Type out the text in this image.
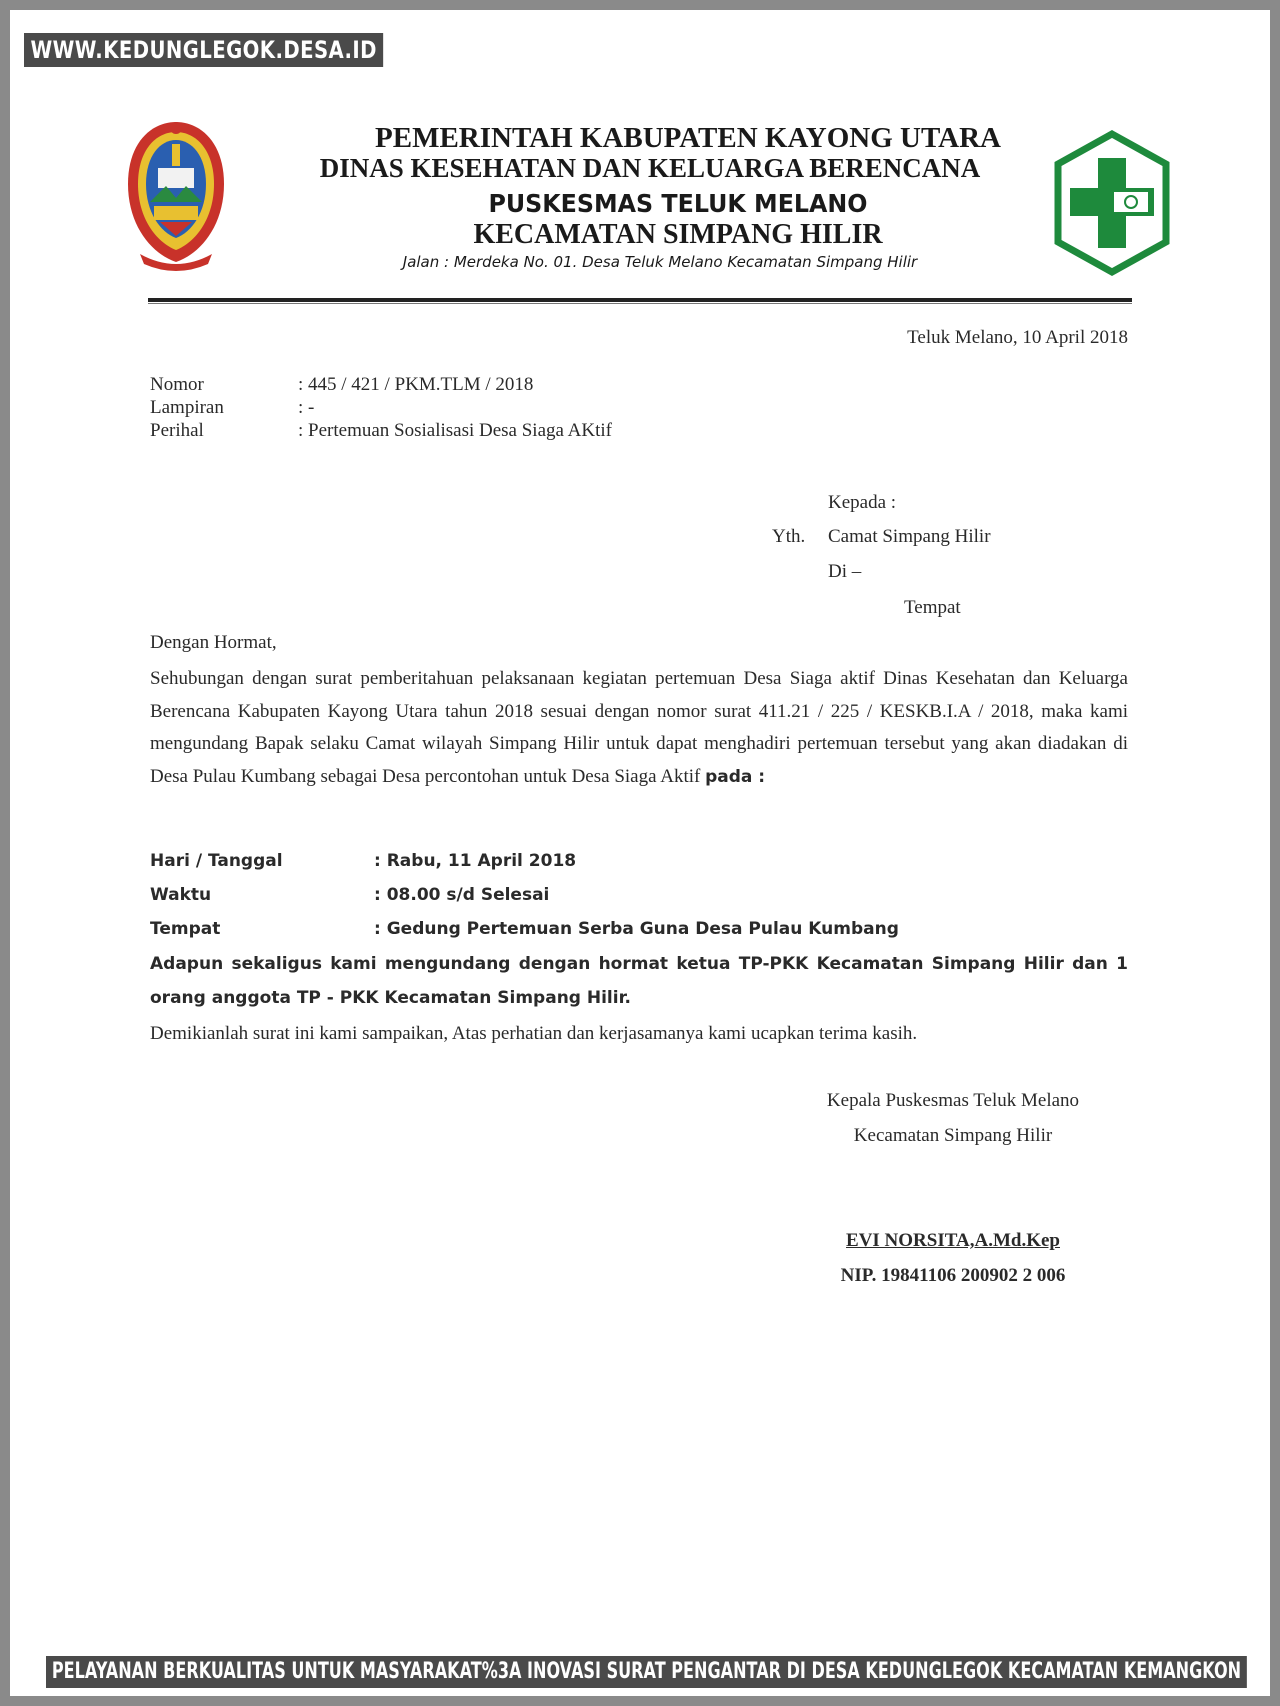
WWW.KEDUNGLEGOK.DESA.ID
PEMERINTAH KABUPATEN KAYONG UTARA
DINAS KESEHATAN DAN KELUARGA BERENCANA
PUSKESMAS TELUK MELANO
KECAMATAN SIMPANG HILIR
Jalan : Merdeka No. 01. Desa Teluk Melano Kecamatan Simpang Hilir
Teluk Melano, 10 April 2018
Nomor	: 445 / 421 / PKM.TLM / 2018
Lampiran	: -
Perihal	: Pertemuan Sosialisasi Desa Siaga AKtif
Kepada :
Yth. Camat Simpang Hilir
Di –
Tempat
Dengan Hormat,
Sehubungan dengan surat pemberitahuan pelaksanaan kegiatan pertemuan Desa Siaga aktif Dinas Kesehatan dan Keluarga Berencana Kabupaten Kayong Utara tahun 2018 sesuai dengan nomor surat 411.21 / 225 / KESKB.I.A / 2018, maka kami mengundang Bapak selaku Camat wilayah Simpang Hilir untuk dapat menghadiri pertemuan tersebut yang akan diadakan di Desa Pulau Kumbang sebagai Desa percontohan untuk Desa Siaga Aktif pada :
Hari / Tanggal	: Rabu, 11 April 2018
Waktu	: 08.00 s/d Selesai
Tempat	: Gedung Pertemuan Serba Guna Desa Pulau Kumbang
Adapun sekaligus kami mengundang dengan hormat ketua TP-PKK Kecamatan Simpang Hilir dan 1 orang anggota TP - PKK Kecamatan Simpang Hilir.
Demikianlah surat ini kami sampaikan, Atas perhatian dan kerjasamanya kami ucapkan terima kasih.
Kepala Puskesmas Teluk Melano
Kecamatan Simpang Hilir
EVI NORSITA,A.Md.Kep
NIP. 19841106 200902 2 006
PELAYANAN BERKUALITAS UNTUK MASYARAKAT%3A INOVASI SURAT PENGANTAR DI DESA KEDUNGLEGOK KECAMATAN KEMANGKON
